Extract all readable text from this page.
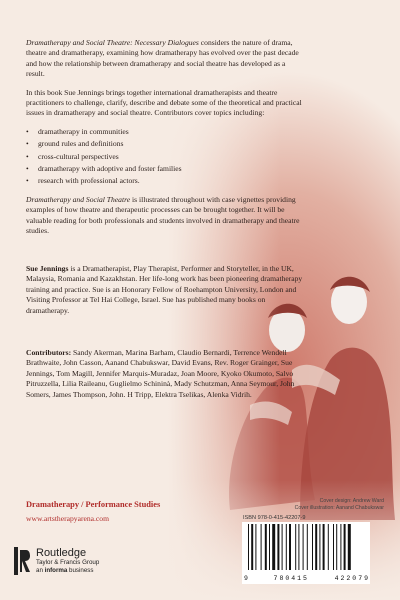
Dramatherapy and Social Theatre: Necessary Dialogues considers the nature of drama, theatre and dramatherapy, examining how dramatherapy has evolved over the past decade and how the relationship between dramatherapy and social theatre has developed as a result.

In this book Sue Jennings brings together international dramatherapists and theatre practitioners to challenge, clarify, describe and debate some of the theoretical and practical issues in dramatherapy and social theatre. Contributors cover topics including:

• dramatherapy in communities
• ground rules and definitions
• cross-cultural perspectives
• dramatherapy with adoptive and foster families
• research with professional actors.

Dramatherapy and Social Theatre is illustrated throughout with case vignettes providing examples of how theatre and therapeutic processes can be brought together. It will be valuable reading for both professionals and students involved in dramatherapy and theatre studies.

Sue Jennings is a Dramatherapist, Play Therapist, Performer and Storyteller, in the UK, Malaysia, Romania and Kazakhstan. Her life-long work has been pioneering dramatherapy training and practice. Sue is an Honorary Fellow of Roehampton University, London and Visiting Professor at Tel Hai College, Israel. Sue has published many books on dramatherapy.

Contributors: Sandy Akerman, Marina Barham, Claudio Bernardi, Terrence Wendell Brathwaite, John Casson, Aanand Chabukswar, David Evans, Rev. Roger Grainger, Sue Jennings, Tom Magill, Jennifer Marquis-Muradaz, Joan Moore, Kyoko Okumoto, Salvo Pitruzzella, Lilia Raileanu, Guglielmo Schininà, Mady Schutzman, Anna Seymour, John Somers, James Thompson, John. H Tripp, Elektra Tselikas, Alenka Vidrih.

Dramatherapy / Performance Studies
www.artstherapyarena.com
Cover design: Andrew Ward
Cover illustration: Aanand Chabukswar
ISBN 978-0-415-42207-9
9	780415	422079
Routledge
Taylor & Francis Group
an informa business
